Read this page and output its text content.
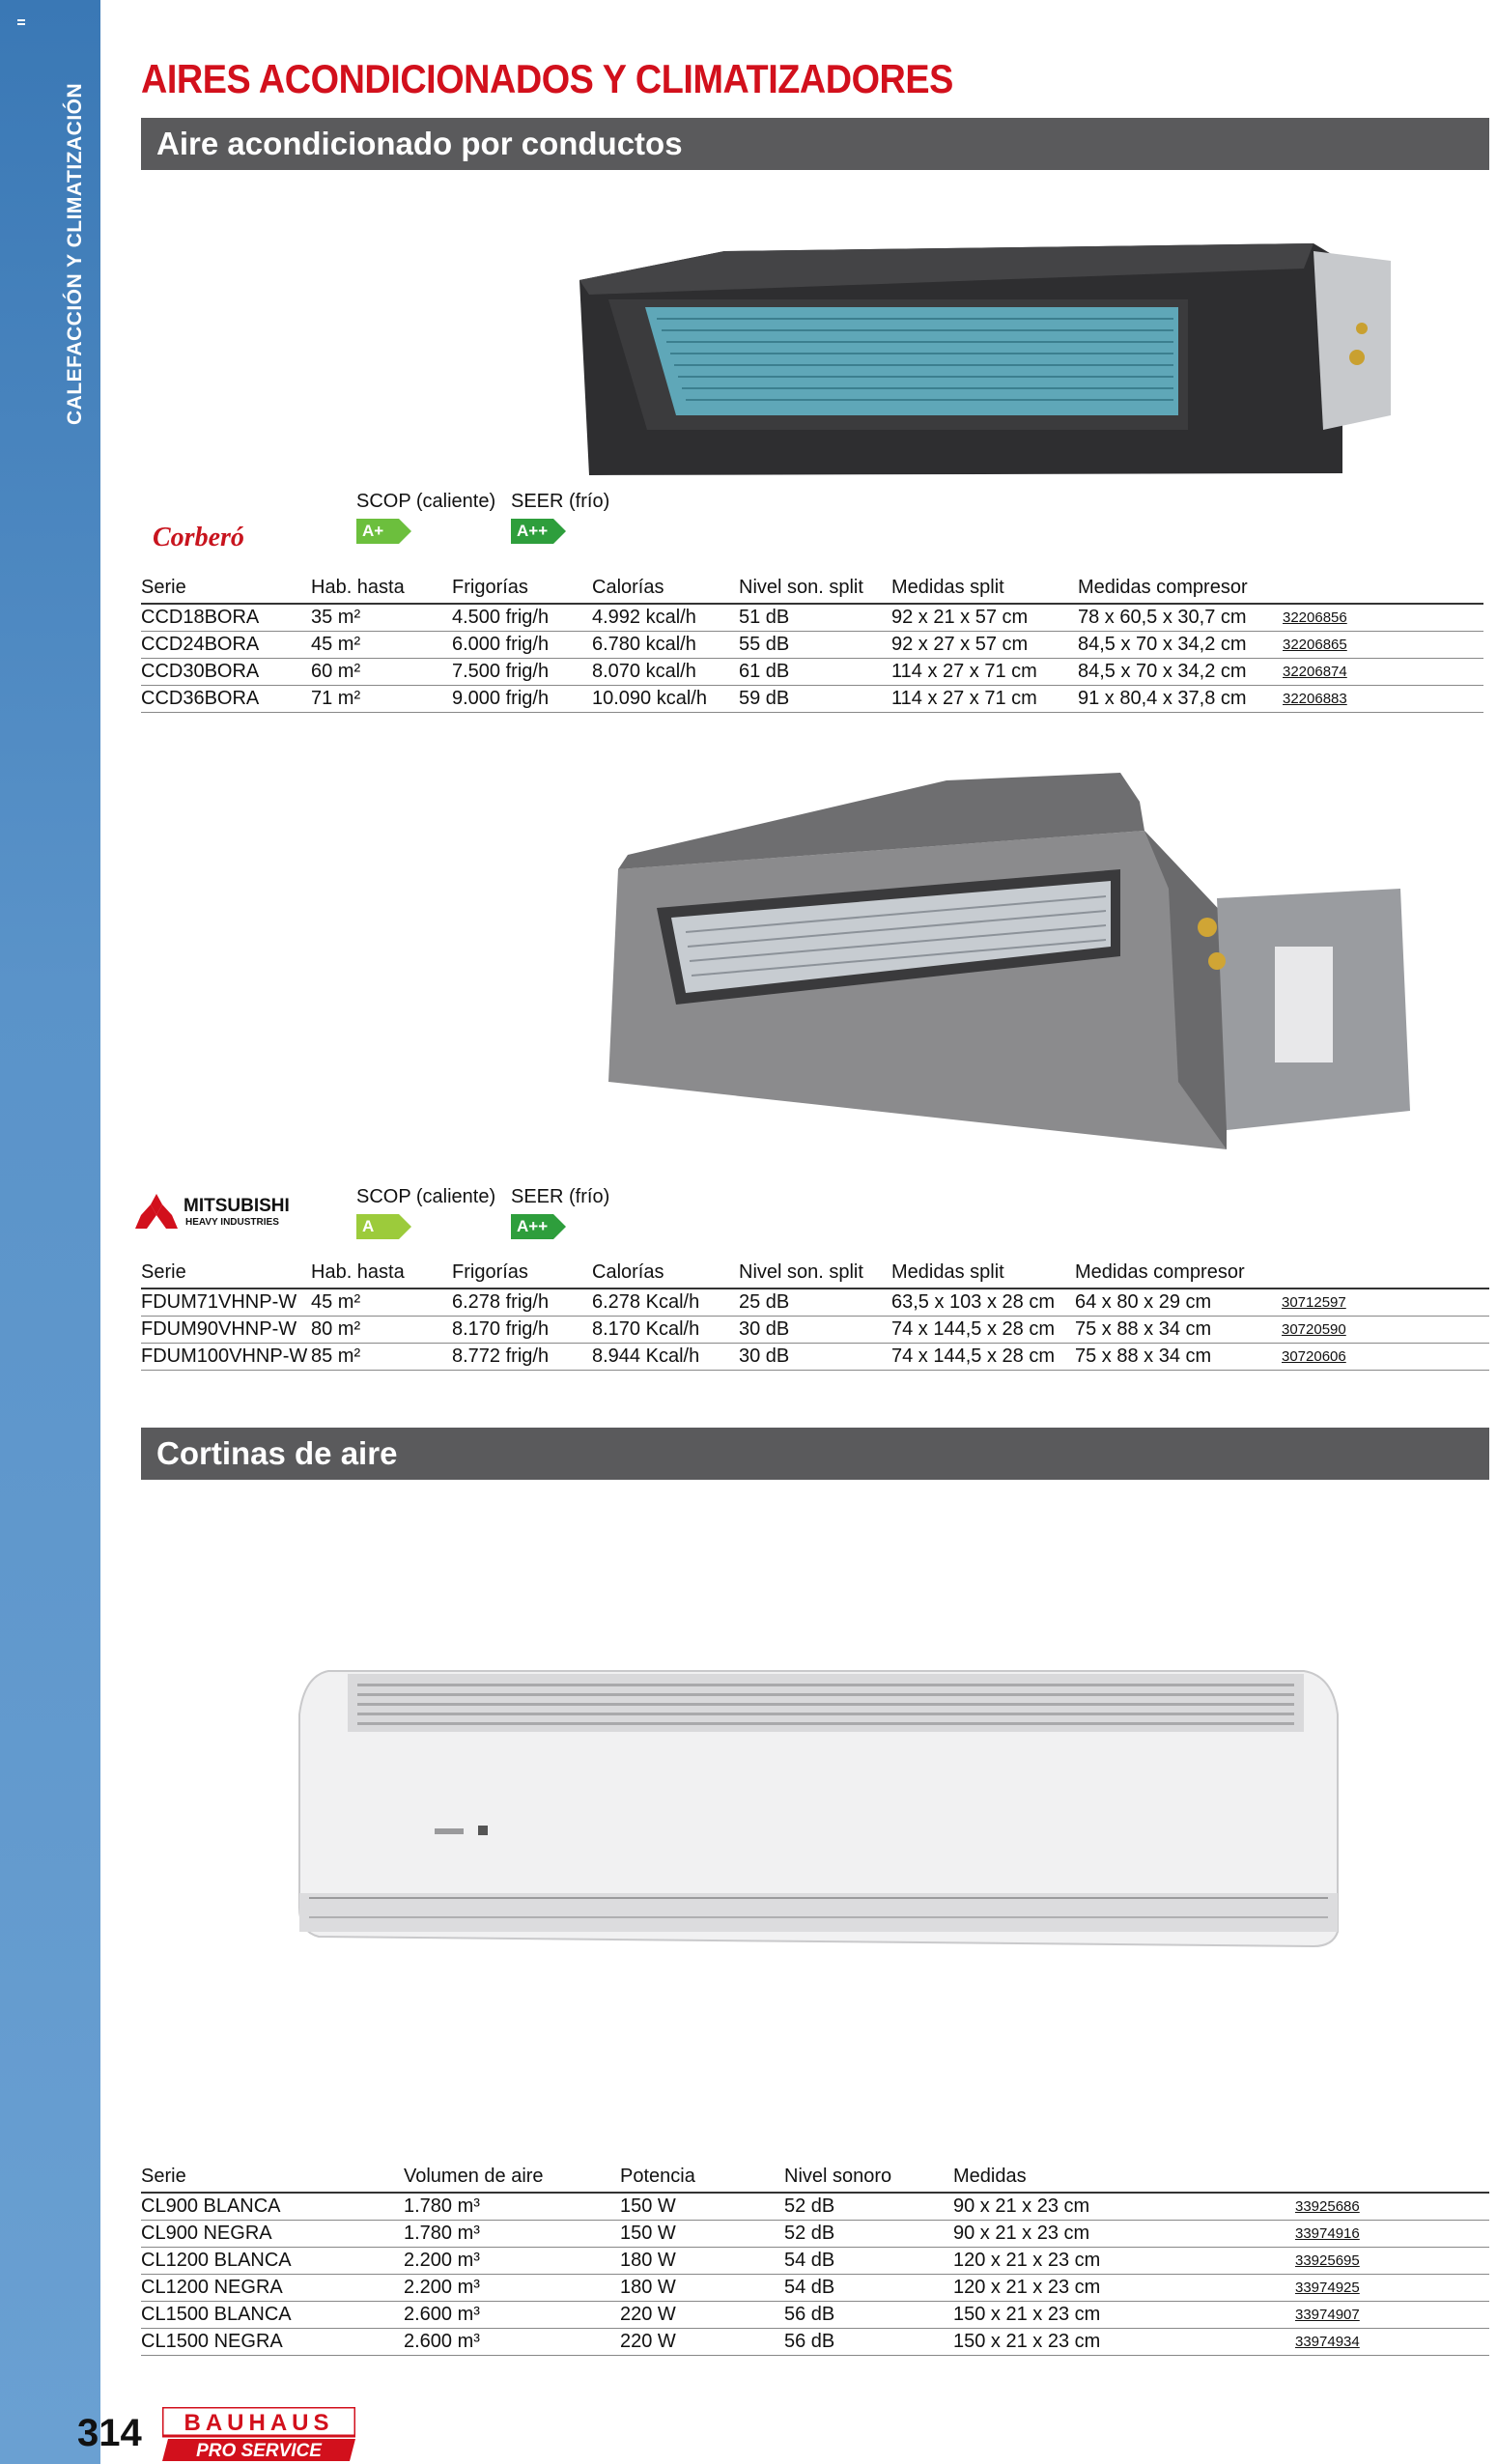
CALEFACCIÓN Y CLIMATIZACIÓN
AIRES ACONDICIONADOS Y CLIMATIZADORES
Aire acondicionado por conductos
Corberó
SCOP (caliente)
A+
SEER (frío)
A++
Serie	Hab. hasta	Frigorías	Calorías	Nivel son. split	Medidas split	Medidas compresor	
CCD18BORA	35 m²	4.500 frig/h	4.992 kcal/h	51 dB	92 x 21 x 57 cm	78 x 60,5 x 30,7 cm	32206856
CCD24BORA	45 m²	6.000 frig/h	6.780 kcal/h	55 dB	92 x 27 x 57 cm	84,5 x 70 x 34,2 cm	32206865
CCD30BORA	60 m²	7.500 frig/h	8.070 kcal/h	61 dB	114 x 27 x 71 cm	84,5 x 70 x 34,2 cm	32206874
CCD36BORA	71 m²	9.000 frig/h	10.090 kcal/h	59 dB	114 x 27 x 71 cm	91 x 80,4 x 37,8 cm	32206883
MITSUBISHI
HEAVY INDUSTRIES
SCOP (caliente)
A
SEER (frío)
A++
Serie	Hab. hasta	Frigorías	Calorías	Nivel son. split	Medidas split	Medidas compresor	
FDUM71VHNP-W	45 m²	6.278 frig/h	6.278 Kcal/h	25 dB	63,5 x 103 x 28 cm	64 x 80 x 29 cm	30712597
FDUM90VHNP-W	80 m²	8.170 frig/h	8.170 Kcal/h	30 dB	74 x 144,5 x 28 cm	75 x 88 x 34 cm	30720590
FDUM100VHNP-W	85 m²	8.772 frig/h	8.944 Kcal/h	30 dB	74 x 144,5 x 28 cm	75 x 88 x 34 cm	30720606
Cortinas de aire
Serie	Volumen de aire	Potencia	Nivel sonoro	Medidas	
CL900 BLANCA	1.780 m³	150 W	52 dB	90 x 21 x 23 cm	33925686
CL900 NEGRA	1.780 m³	150 W	52 dB	90 x 21 x 23 cm	33974916
CL1200 BLANCA	2.200 m³	180 W	54 dB	120 x 21 x 23 cm	33925695
CL1200 NEGRA	2.200 m³	180 W	54 dB	120 x 21 x 23 cm	33974925
CL1500 BLANCA	2.600 m³	220 W	56 dB	150 x 21 x 23 cm	33974907
CL1500 NEGRA	2.600 m³	220 W	56 dB	150 x 21 x 23 cm	33974934
314 BAUHAUS
PRO SERVICE
